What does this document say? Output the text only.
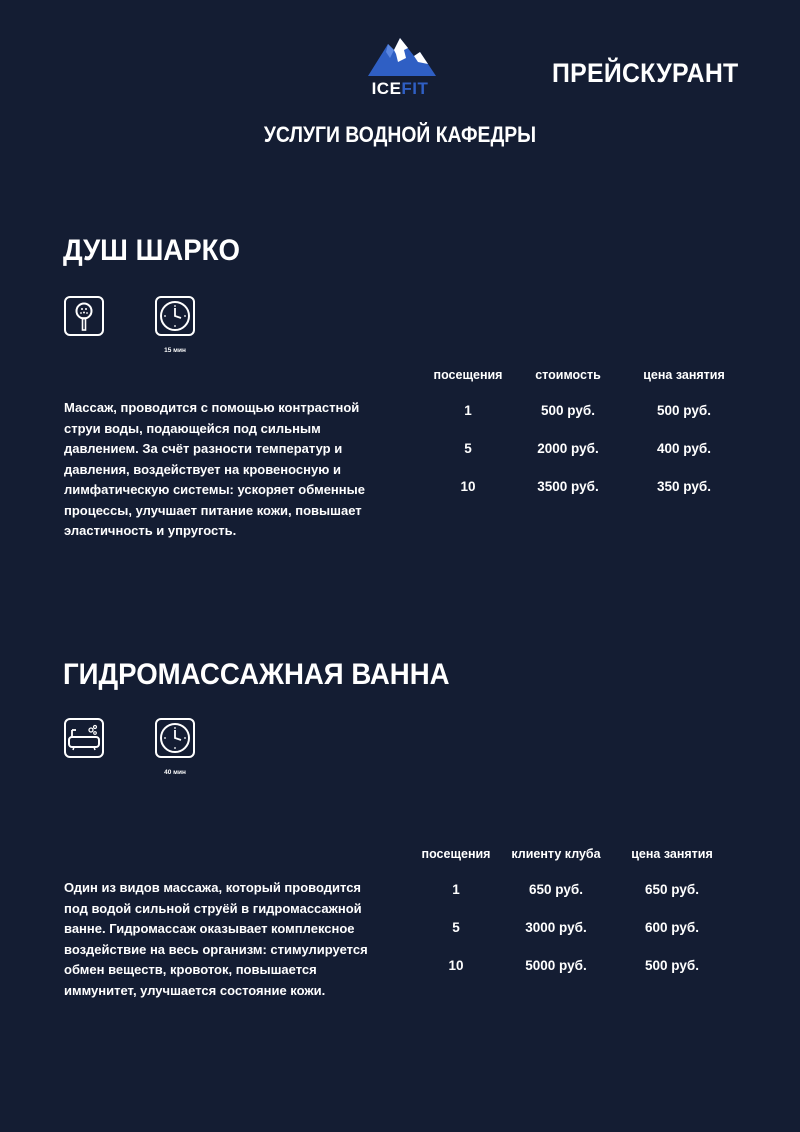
ICEFIT
ПРЕЙСКУРАНТ
УСЛУГИ ВОДНОЙ КАФЕДРЫ
ДУШ ШАРКО
15 мин
Массаж, проводится с помощью контрастной струи воды, подающейся под сильным давлением. За счёт разности температур и давления, воздействует на кровеносную и лимфатическую системы: ускоряет обменные процессы, улучшает питание кожи, повышает эластичность и упругость.
посещения	стоимость	цена занятия
1	500 руб.	500 руб.
5	2000 руб.	400 руб.
10	3500 руб.	350 руб.
ГИДРОМАССАЖНАЯ ВАННА
40 мин
Один из видов массажа, который проводится под водой сильной струёй в гидромассажной ванне. Гидромассаж оказывает комплексное воздействие на весь организм: стимулируется обмен веществ, кровоток, повышается иммунитет, улучшается состояние кожи.
посещения	клиенту клуба	цена занятия
1	650 руб.	650 руб.
5	3000 руб.	600 руб.
10	5000 руб.	500 руб.
